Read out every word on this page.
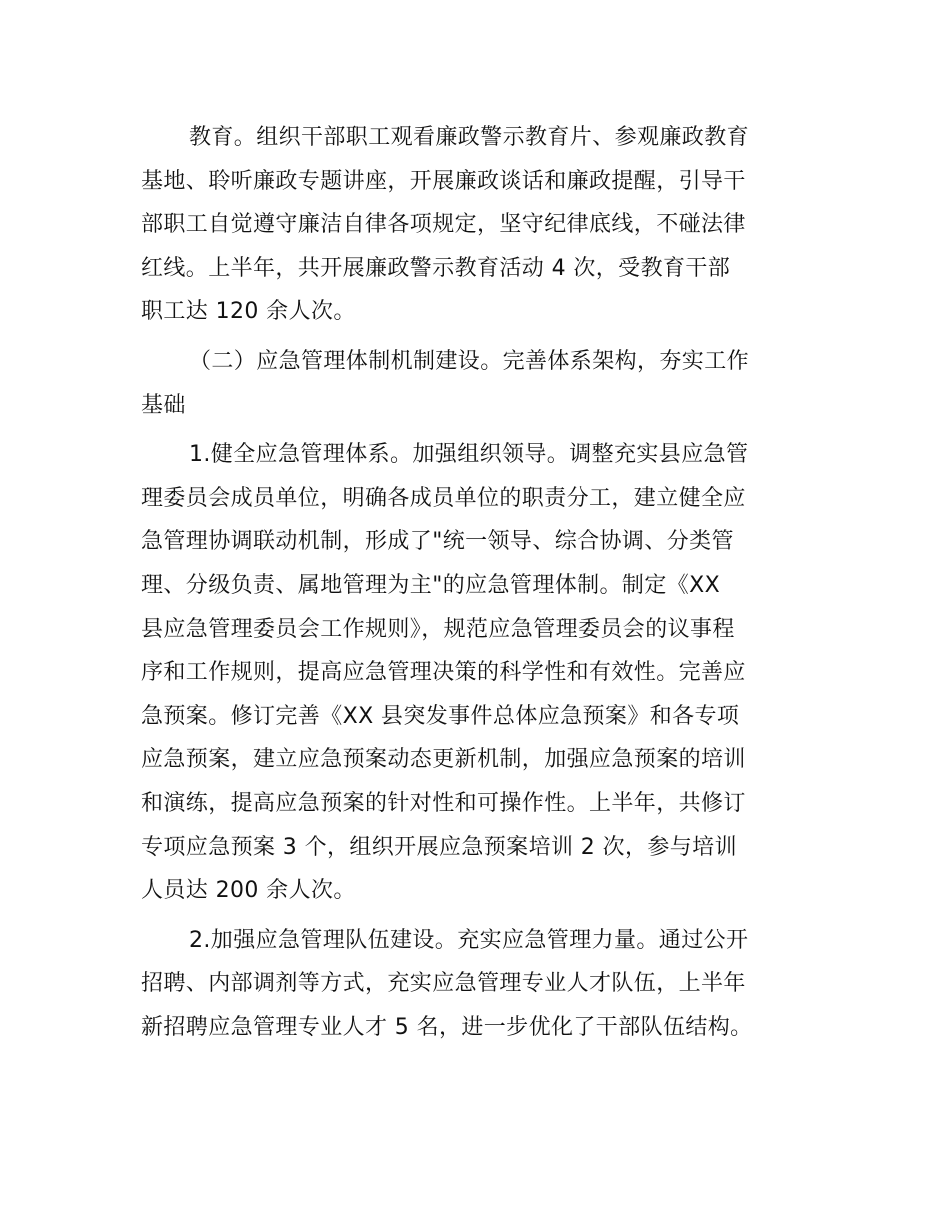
教育。组织干部职工观看廉政警示教育片、参观廉政教育
基地、聆听廉政专题讲座，开展廉政谈话和廉政提醒，引导干
部职工自觉遵守廉洁自律各项规定，坚守纪律底线，不碰法律
红线。上半年，共开展廉政警示教育活动 4 次，受教育干部
职工达 120 余人次。
（二）应急管理体制机制建设。完善体系架构，夯实工作
基础
1.健全应急管理体系。加强组织领导。调整充实县应急管
理委员会成员单位，明确各成员单位的职责分工，建立健全应
急管理协调联动机制，形成了"统一领导、综合协调、分类管
理、分级负责、属地管理为主"的应急管理体制。制定《XX
县应急管理委员会工作规则》，规范应急管理委员会的议事程
序和工作规则，提高应急管理决策的科学性和有效性。完善应
急预案。修订完善《XX 县突发事件总体应急预案》和各专项
应急预案，建立应急预案动态更新机制，加强应急预案的培训
和演练，提高应急预案的针对性和可操作性。上半年，共修订
专项应急预案 3 个，组织开展应急预案培训 2 次，参与培训
人员达 200 余人次。
2.加强应急管理队伍建设。充实应急管理力量。通过公开
招聘、内部调剂等方式，充实应急管理专业人才队伍，上半年
新招聘应急管理专业人才 5 名，进一步优化了干部队伍结构。
